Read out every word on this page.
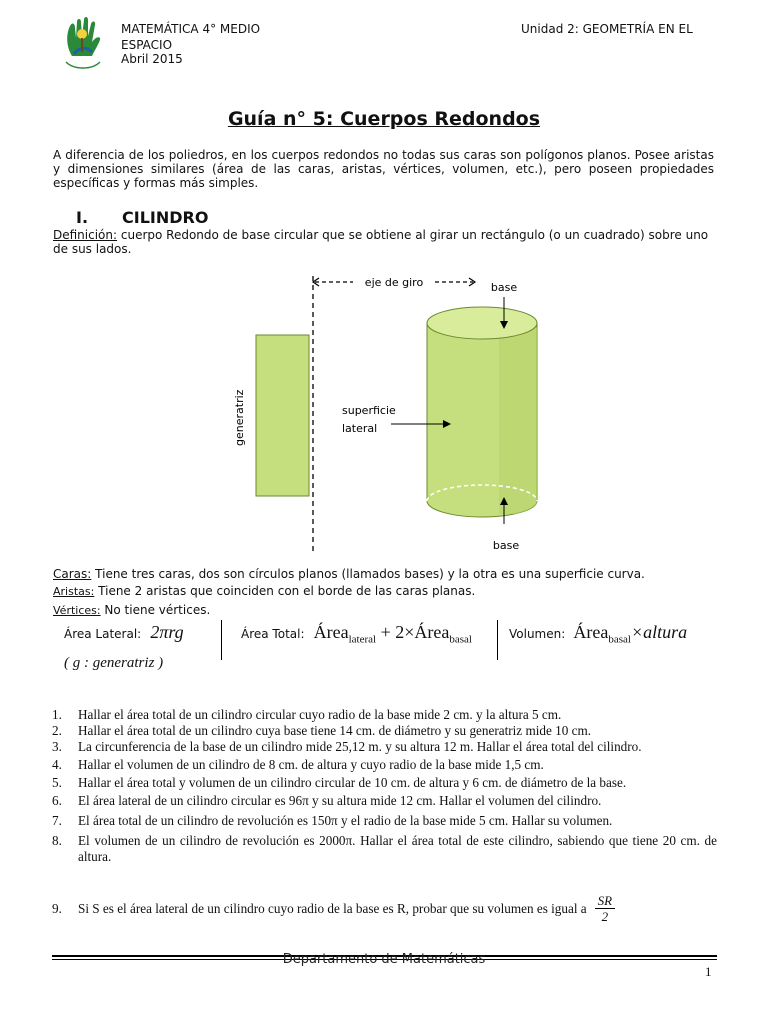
MATEMÁTICA 4° MEDIO
ESPACIO
Abril 2015
Unidad 2: GEOMETRÍA EN EL
Guía n° 5: Cuerpos Redondos
A diferencia de los poliedros, en los cuerpos redondos no todas sus caras son polígonos planos. Posee aristas y dimensiones similares (área de las caras, aristas, vértices, volumen, etc.), pero poseen propiedades específicas y formas más simples.
I. CILINDRO
Definición: cuerpo Redondo de base circular que se obtiene al girar un rectángulo (o un cuadrado) sobre uno de sus lados.
eje de giro
generatriz
base
superficie
lateral
base
Caras: Tiene tres caras, dos son círculos planos (llamados bases) y la otra es una superficie curva.
Aristas: Tiene 2 aristas que coinciden con el borde de las caras planas.
Vértices: No tiene vértices.
Área Lateral: 2πrg
( g : generatriz )
Área Total: Área$_{lateral}$ + 2×Área$_{basal}$	Volumen: Área$_{basal}$×altura
1.	Hallar el área total de un cilindro circular cuyo radio de la base mide 2 cm. y la altura 5 cm.
2.	Hallar el área total de un cilindro cuya base tiene 14 cm. de diámetro y su generatriz mide 10 cm.
3.	La circunferencia de la base de un cilindro mide 25,12 m. y su altura 12 m. Hallar el área total del cilindro.
4.	Hallar el volumen de un cilindro de 8 cm. de altura y cuyo radio de la base mide 1,5 cm.
5.	Hallar el área total y volumen de un cilindro circular de 10 cm. de altura y 6 cm. de diámetro de la base.
6.	El área lateral de un cilindro circular es 96π y su altura mide 12 cm. Hallar el volumen del cilindro.
7.	El área total de un cilindro de revolución es 150π y el radio de la base mide 5 cm. Hallar su volumen.
8.	El volumen de un cilindro de revolución es 2000π. Hallar el área total de este cilindro, sabiendo que tiene 20 cm. de altura.
9.	Si S es el área lateral de un cilindro cuyo radio de la base es R, probar que su volumen es igual a $\frac{SR}{2}$
Departamento de Matemáticas
1
